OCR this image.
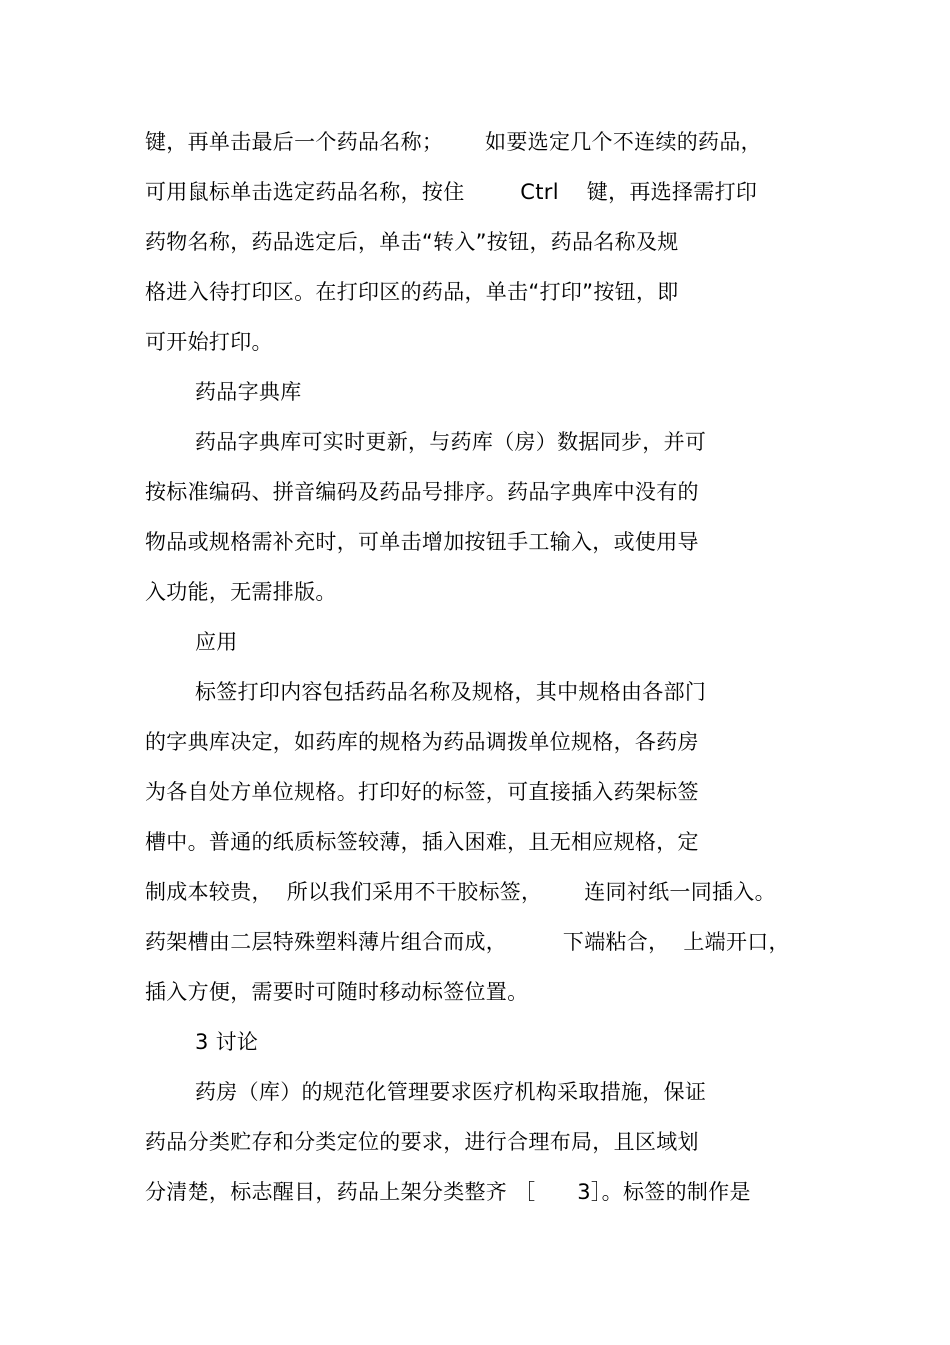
键，再单击最后一个药品名称；      如要选定几个不连续的药品，
可用鼠标单击选定药品名称，按住        Ctrl    键，再选择需打印
药物名称，药品选定后，单击“转入”按钮，药品名称及规
格进入待打印区。在打印区的药品，单击“打印”按钮，即
可开始打印。
药品字典库
药品字典库可实时更新，与药库（房）数据同步，并可
按标准编码、拼音编码及药品号排序。药品字典库中没有的
物品或规格需补充时，可单击增加按钮手工输入，或使用导
入功能，无需排版。
应用
标签打印内容包括药品名称及规格，其中规格由各部门
的字典库决定，如药库的规格为药品调拨单位规格，各药房
为各自处方单位规格。打印好的标签，可直接插入药架标签
槽中。普通的纸质标签较薄，插入困难，且无相应规格，定
制成本较贵，  所以我们采用不干胶标签，      连同衬纸一同插入。
药架槽由二层特殊塑料薄片组合而成，        下端粘合，  上端开口，
插入方便，需要时可随时移动标签位置。
3 讨论
药房（库）的规范化管理要求医疗机构采取措施，保证
药品分类贮存和分类定位的要求，进行合理布局，且区域划
分清楚，标志醒目，药品上架分类整齐 ［      3］。标签的制作是
